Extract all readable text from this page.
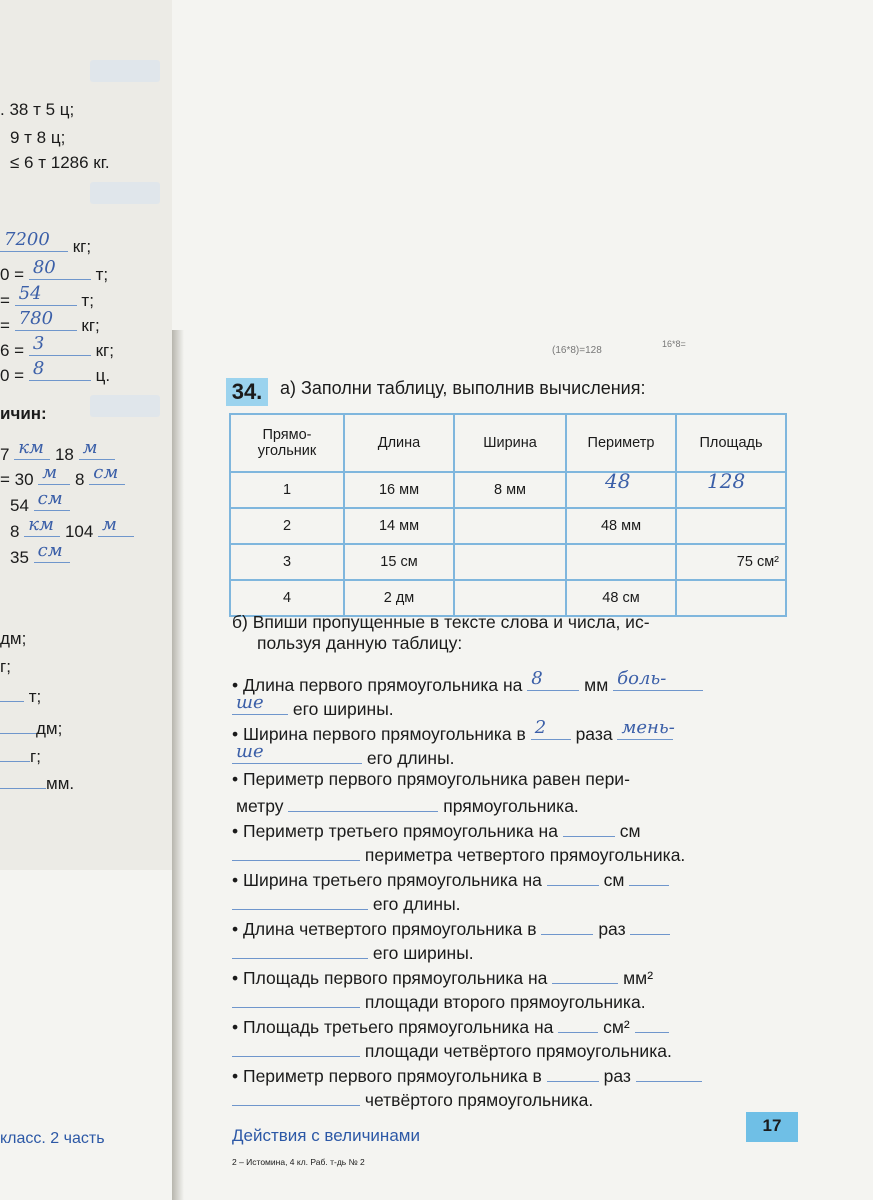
. 38 т 5 ц;
9 т 8 ц;
≤ 6 т 1286 кг.
7200 кг;
0 = 80 т;
= 54 т;
= 780 кг;
6 = 3	кг;
0 = 8	ц.
ичин:
7 км 18 м
= 30 м 8 см
54 см
8 км 104 м
35 см
дм;
г;
т;
дм;
г;
мм.
класс. 2 часть
(16*8)=128
16*8=
34. а) Заполни таблицу, выполнив вычисления:
Прямо-
угольник	Длина	Ширина	Периметр	Площадь
1	16 мм	8 мм	48	128

2	14 мм		48 мм	
3	15 см			75 см²
4	2 дм		48 см	
б) Впиши пропущенные в тексте слова и числа, ис-
пользуя данную таблицу:
• Длина первого прямоугольника на 8 мм боль-
ше его ширины.
• Ширина первого прямоугольника в 2 раза мень-
ше	его длины.
• Периметр первого прямоугольника равен пери-
метру	прямоугольника.
• Периметр третьего прямоугольника на	см
периметра четвертого прямоугольника.
• Ширина третьего прямоугольника на	см
его длины.
• Длина четвертого прямоугольника в	раз
его ширины.
• Площадь первого прямоугольника на	мм²
площади второго прямоугольника.
• Площадь третьего прямоугольника на	см²
площади четвёртого прямоугольника.
• Периметр первого прямоугольника в	раз
четвёртого прямоугольника.
Действия с величинами
17
2 – Истомина, 4 кл. Раб. т-дь № 2
